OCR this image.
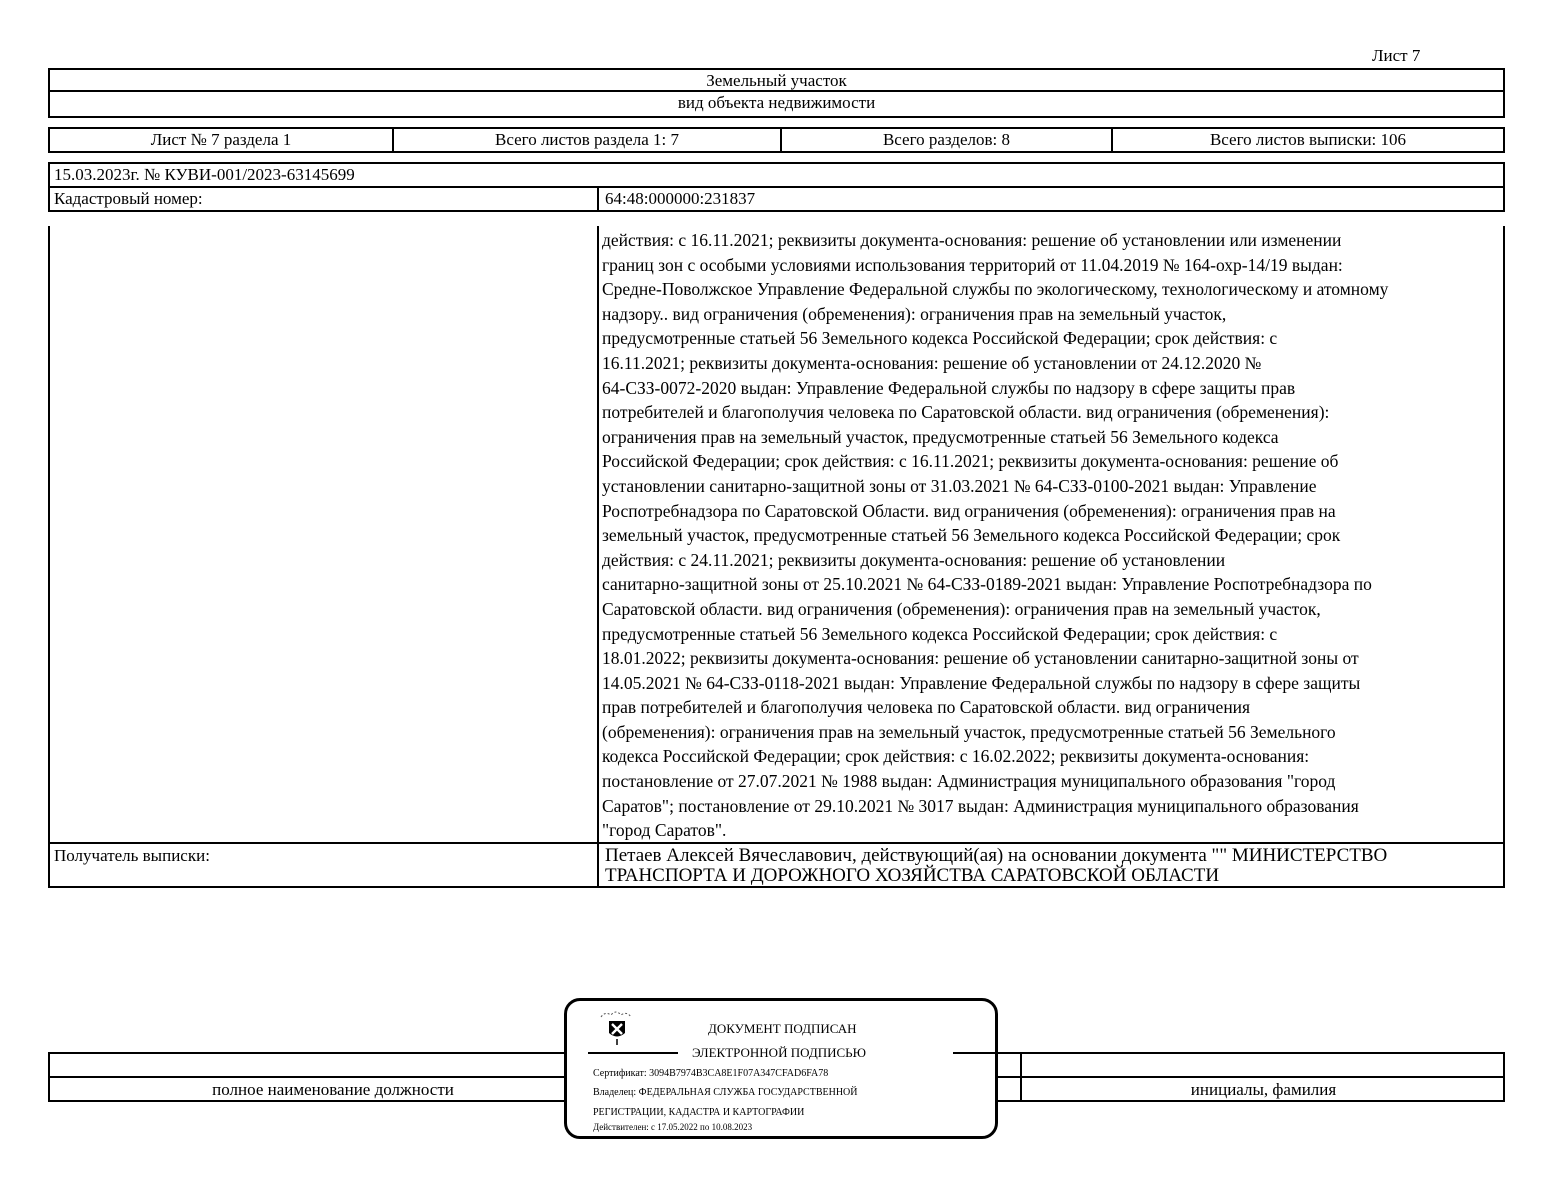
Лист 7
Земельный участок
вид объекта недвижимости
Лист № 7 раздела 1	Всего листов раздела 1: 7	Всего разделов: 8	Всего листов выписки: 106
15.03.2023г. № КУВИ-001/2023-63145699
Кадастровый номер:	64:48:000000:231837
действия: с 16.11.2021; реквизиты документа-основания: решение об установлении или изменении
границ зон с особыми условиями использования территорий от 11.04.2019 № 164-охр-14/19 выдан:
Средне-Поволжское Управление Федеральной службы по экологическому, технологическому и атомному
надзору.. вид ограничения (обременения): ограничения прав на земельный участок,
предусмотренные статьей 56 Земельного кодекса Российской Федерации; срок действия: с
16.11.2021; реквизиты документа-основания: решение об установлении от 24.12.2020 №
64-СЗЗ-0072-2020 выдан: Управление Федеральной службы по надзору в сфере защиты прав
потребителей и благополучия человека по Саратовской области. вид ограничения (обременения):
ограничения прав на земельный участок, предусмотренные статьей 56 Земельного кодекса
Российской Федерации; срок действия: с 16.11.2021; реквизиты документа-основания: решение об
установлении санитарно-защитной зоны от 31.03.2021 № 64-СЗЗ-0100-2021 выдан: Управление
Роспотребнадзора по Саратовской Области. вид ограничения (обременения): ограничения прав на
земельный участок, предусмотренные статьей 56 Земельного кодекса Российской Федерации; срок
действия: с 24.11.2021; реквизиты документа-основания: решение об установлении
санитарно-защитной зоны от 25.10.2021 № 64-СЗЗ-0189-2021 выдан: Управление Роспотребнадзора по
Саратовской области. вид ограничения (обременения): ограничения прав на земельный участок,
предусмотренные статьей 56 Земельного кодекса Российской Федерации; срок действия: с
18.01.2022; реквизиты документа-основания: решение об установлении санитарно-защитной зоны от
14.05.2021 № 64-СЗЗ-0118-2021 выдан: Управление Федеральной службы по надзору в сфере защиты
прав потребителей и благополучия человека по Саратовской области. вид ограничения
(обременения): ограничения прав на земельный участок, предусмотренные статьей 56 Земельного
кодекса Российской Федерации; срок действия: с 16.02.2022; реквизиты документа-основания:
постановление от 27.07.2021 № 1988 выдан: Администрация муниципального образования "город
Саратов"; постановление от 29.10.2021 № 3017 выдан: Администрация муниципального образования
"город Саратов".
Получатель выписки:	Петаев Алексей Вячеславович, действующий(ая) на основании документа "" МИНИСТЕРСТВО
ТРАНСПОРТА И ДОРОЖНОГО ХОЗЯЙСТВА САРАТОВСКОЙ ОБЛАСТИ
полное наименование должности	инициалы, фамилия
ДОКУМЕНТ ПОДПИСАН
ЭЛЕКТРОННОЙ ПОДПИСЬЮ
Сертификат: 3094B7974B3CA8E1F07A347CFAD6FA78
Владелец: ФЕДЕРАЛЬНАЯ СЛУЖБА ГОСУДАРСТВЕННОЙ
РЕГИСТРАЦИИ, КАДАСТРА И КАРТОГРАФИИ
Действителен: с 17.05.2022 по 10.08.2023
